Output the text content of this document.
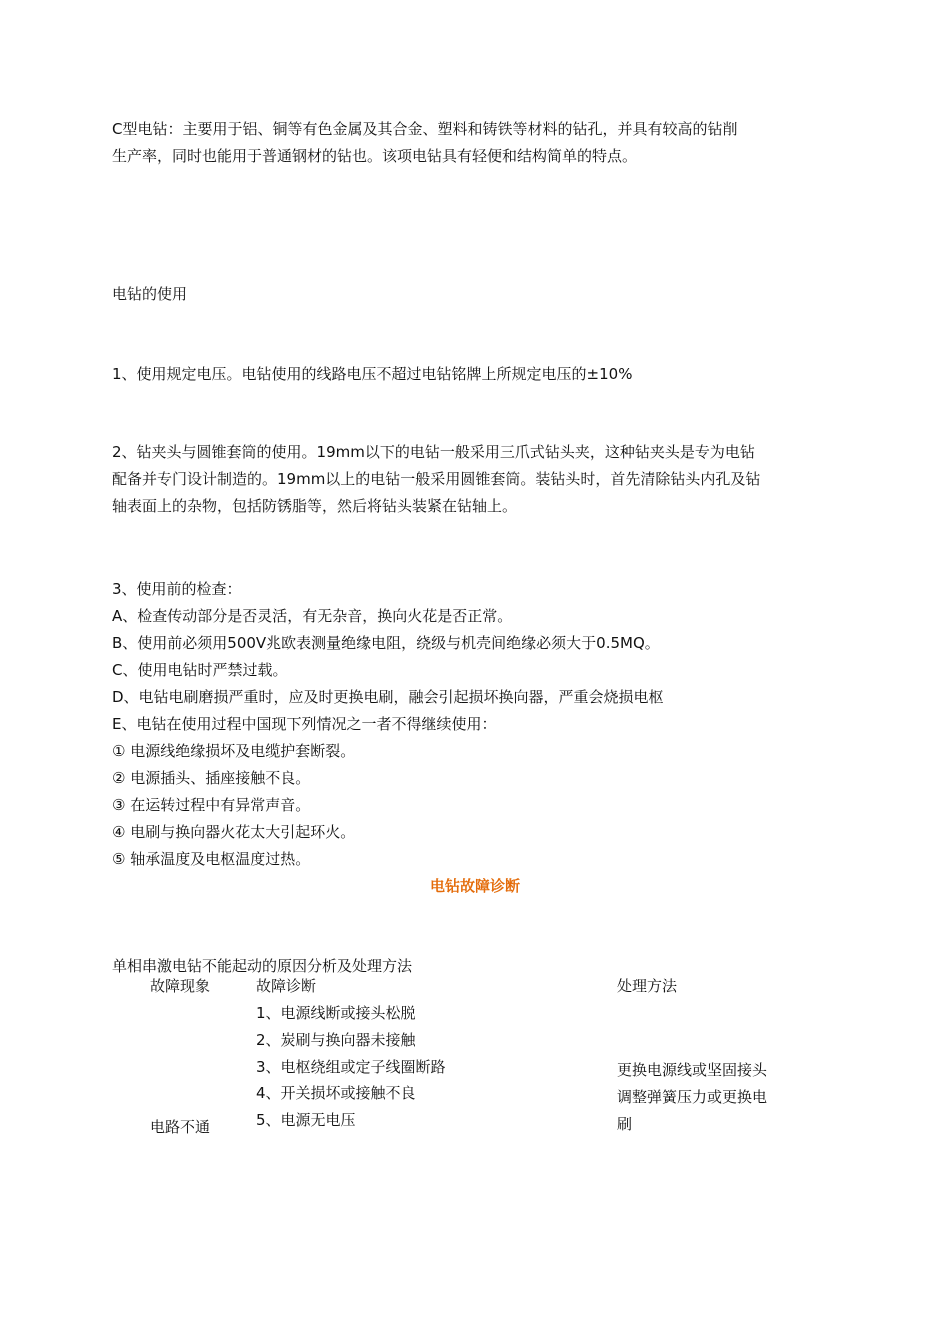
C型电钻：主要用于铝、铜等有色金属及其合金、塑料和铸铁等材料的钻孔，并具有较高的钻削
生产率，同时也能用于普通钢材的钻也。该项电钻具有轻便和结构简单的特点。
电钻的使用
1、使用规定电压。电钻使用的线路电压不超过电钻铭牌上所规定电压的±10%
2、钻夹头与圆锥套筒的使用。19mm以下的电钻一般采用三爪式钻头夹，这种钻夹头是专为电钻
配备并专门设计制造的。19mm以上的电钻一般采用圆锥套筒。装钻头时，首先清除钻头内孔及钻
轴表面上的杂物，包括防锈脂等，然后将钻头装紧在钻轴上。
3、使用前的检查：
A、检查传动部分是否灵活，有无杂音，换向火花是否正常。
B、使用前必须用500V兆欧表测量绝缘电阻，绕级与机壳间绝缘必须大于0.5MQ。
C、使用电钻时严禁过载。
D、电钻电刷磨损严重时，应及时更换电刷，融会引起损坏换向器，严重会烧损电枢
E、电钻在使用过程中国现下列情况之一者不得继续使用：
① 电源线绝缘损坏及电缆护套断裂。
② 电源插头、插座接触不良。
③ 在运转过程中有异常声音。
④ 电刷与换向器火花太大引起环火。
⑤ 轴承温度及电枢温度过热。
电钻故障诊断
单相串激电钻不能起动的原因分析及处理方法
故障现象	故障诊断	处理方法
1、电源线断或接头松脱
2、炭刷与换向器未接触
3、电枢绕组或定子线圈断路
4、开关损坏或接触不良
5、电源无电压
更换电源线或坚固接头
调整弹簧压力或更换电
刷
电路不通
